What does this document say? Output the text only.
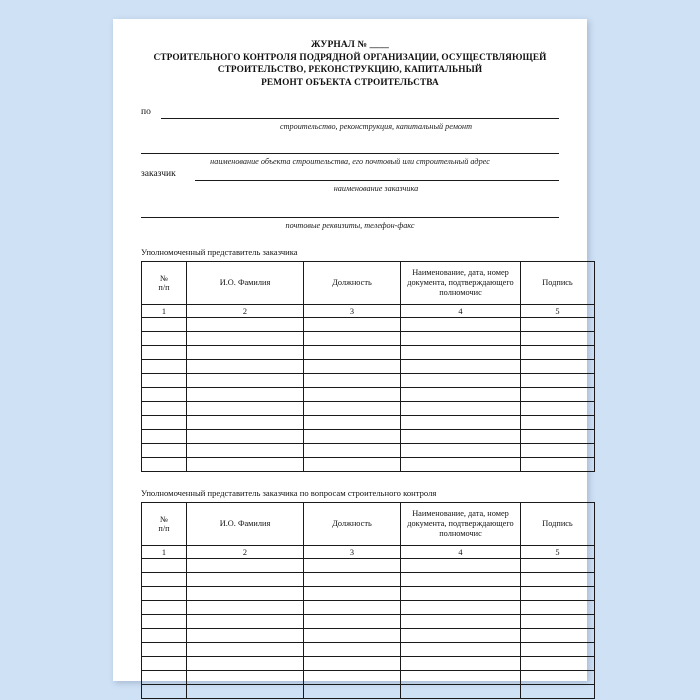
ЖУРНАЛ № ____
СТРОИТЕЛЬНОГО КОНТРОЛЯ ПОДРЯДНОЙ ОРГАНИЗАЦИИ, ОСУЩЕСТВЛЯЮЩЕЙ
СТРОИТЕЛЬСТВО, РЕКОНСТРУКЦИЮ, КАПИТАЛЬНЫЙ
РЕМОНТ ОБЪЕКТА СТРОИТЕЛЬСТВА
по
строительство, реконструкция, капитальный ремонт
наименование объекта строительства, его почтовый или строительный адрес
заказчик
наименование заказчика
почтовые реквизиты, телефон-факс
Уполномоченный представитель заказчика
№
п/п	И.О. Фамилия	Должность	Наименование, дата, номер документа, подтверждающего полномочис	Подпись
1	2	3	4	5

Уполномоченный представитель заказчика по вопросам строительного контроля
№
п/п	И.О. Фамилия	Должность	Наименование, дата, номер документа, подтверждающего полномочис	Подпись
1	2	3	4	5
